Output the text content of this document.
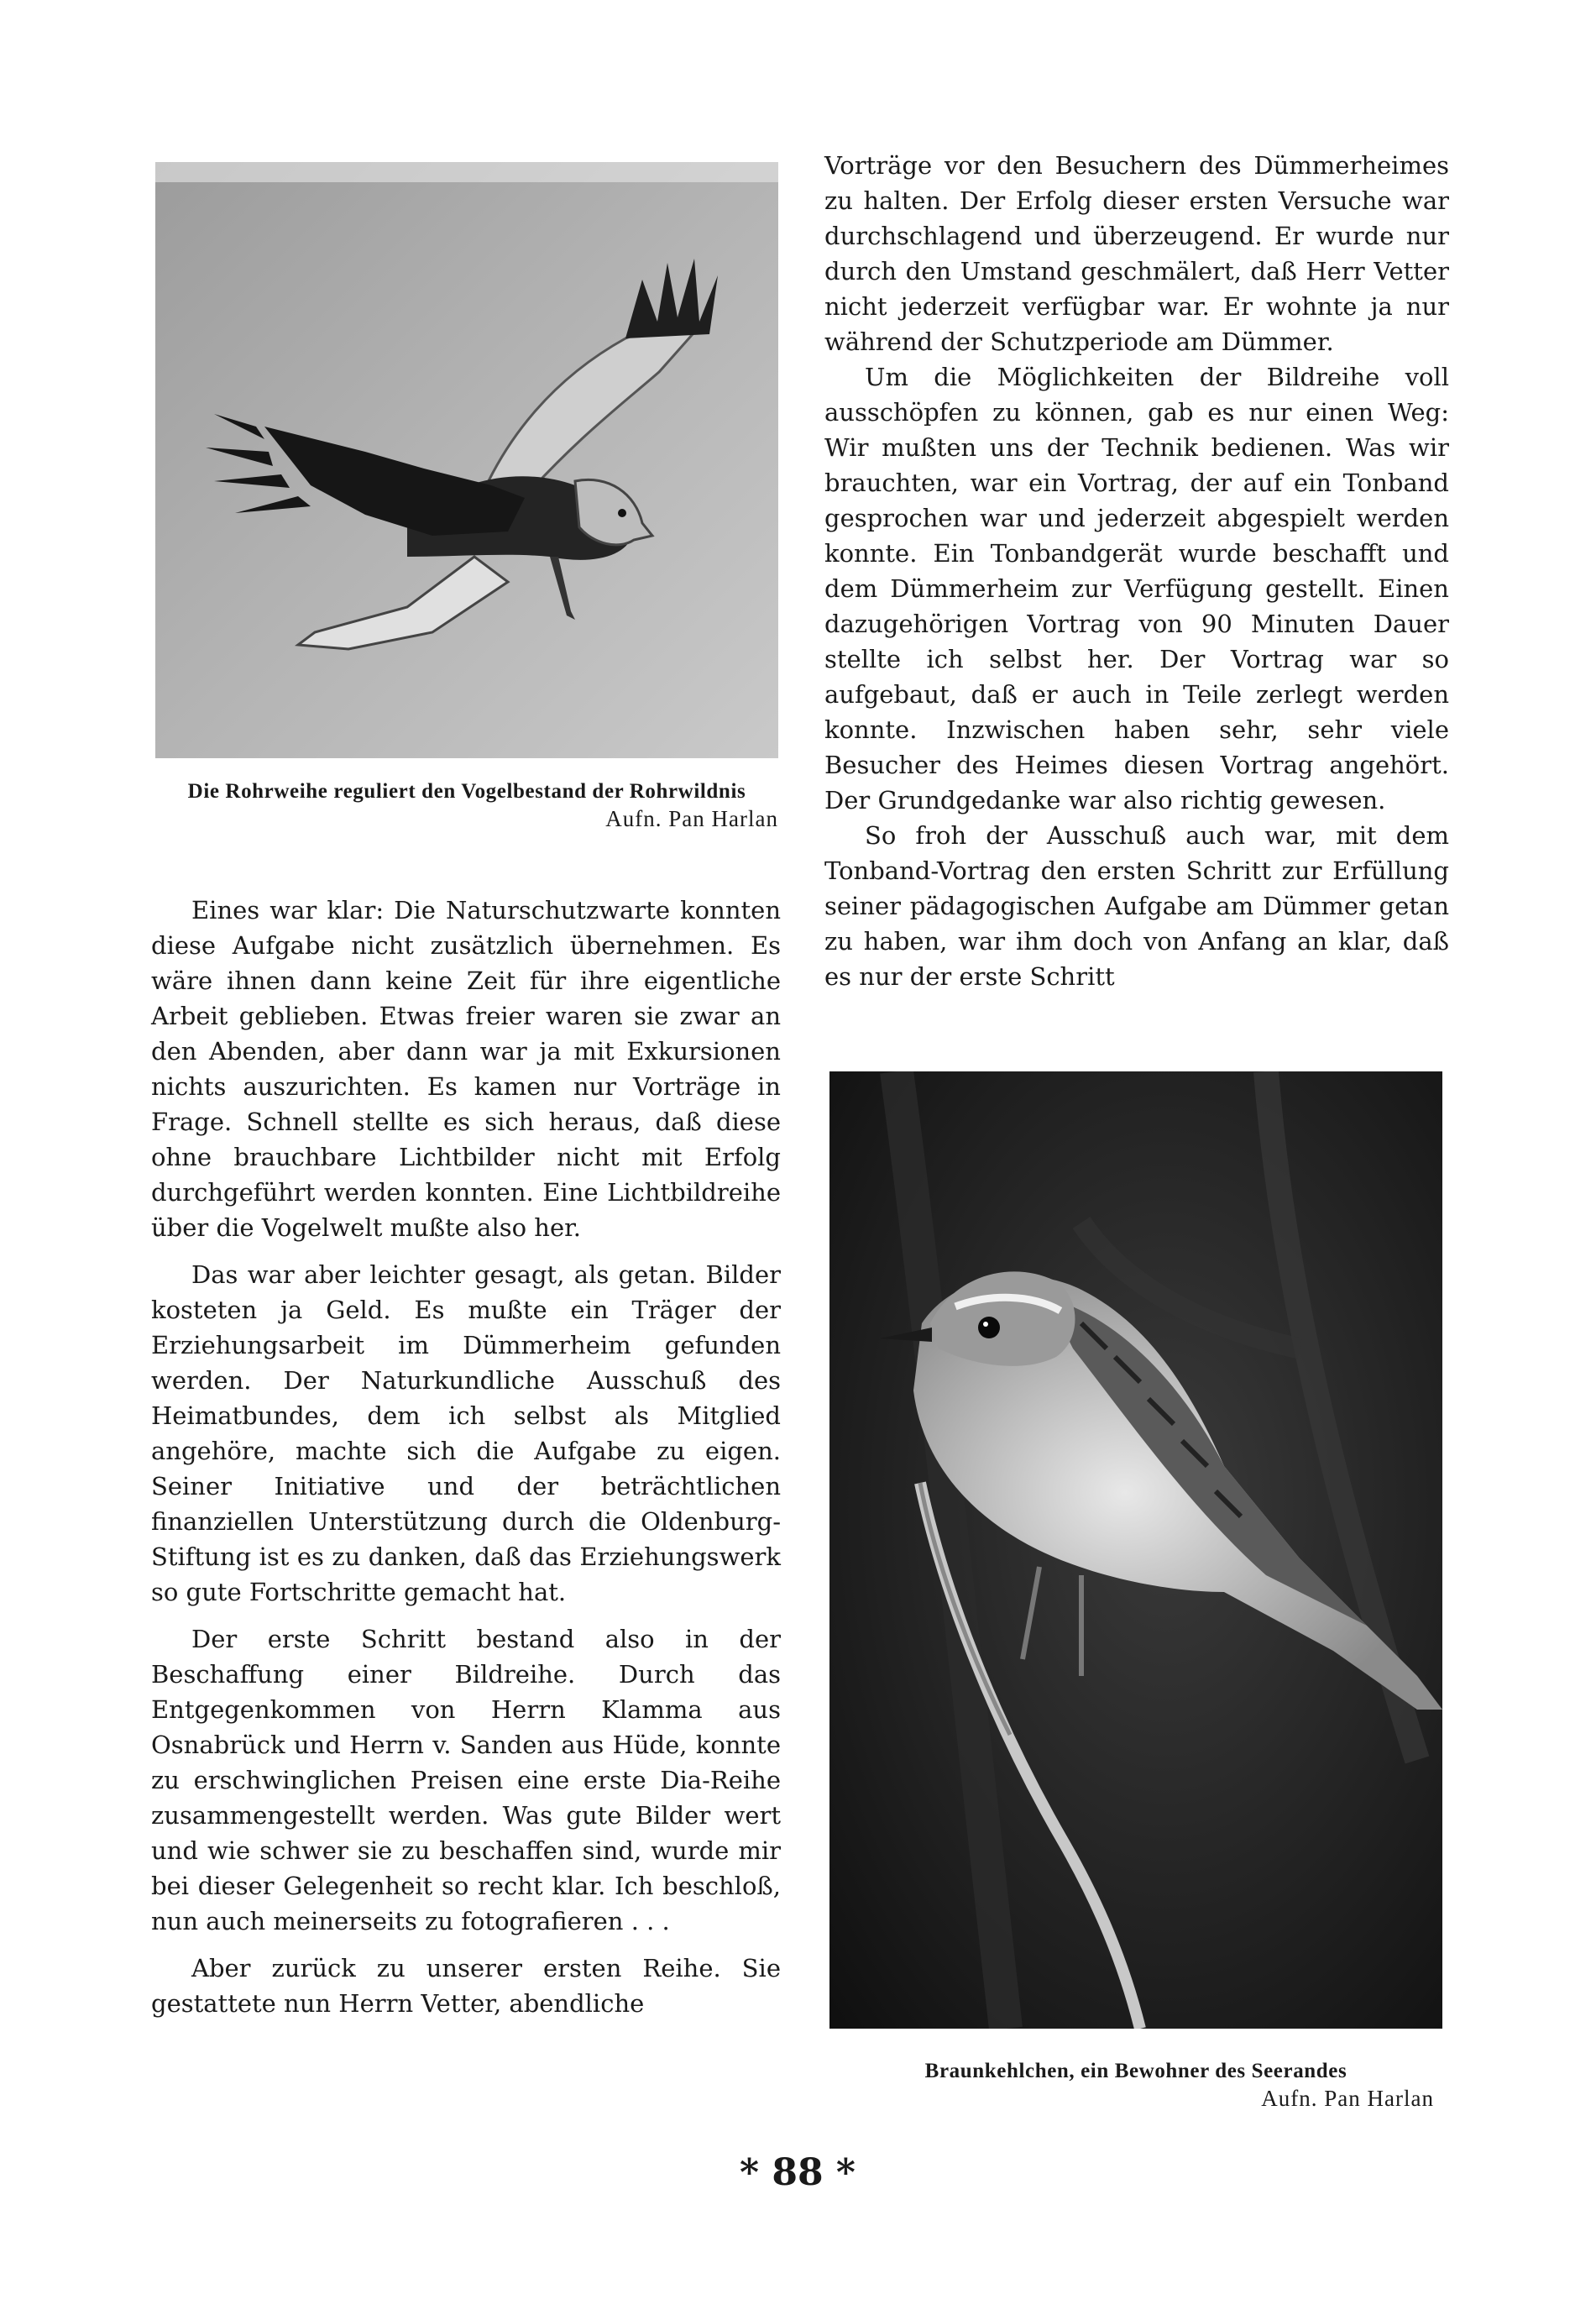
Die Rohrweihe reguliert den Vogelbestand der Rohrwildnis
Aufn. Pan Harlan

Eines war klar: Die Naturschutzwarte konnten diese Aufgabe nicht zusätzlich übernehmen. Es wäre ihnen dann keine Zeit für ihre eigentliche Arbeit geblieben. Etwas freier waren sie zwar an den Abenden, aber dann war ja mit Exkursionen nichts auszurichten. Es kamen nur Vorträge in Frage. Schnell stellte es sich heraus, daß diese ohne brauchbare Lichtbilder nicht mit Erfolg durchgeführt werden konnten. Eine Lichtbildreihe über die Vogelwelt mußte also her.

Das war aber leichter gesagt, als getan. Bilder kosteten ja Geld. Es mußte ein Träger der Erziehungsarbeit im Dümmerheim gefunden werden. Der Naturkundliche Ausschuß des Heimatbundes, dem ich selbst als Mitglied angehöre, machte sich die Aufgabe zu eigen. Seiner Initiative und der beträchtlichen finanziellen Unterstützung durch die Oldenburg-Stiftung ist es zu danken, daß das Erziehungswerk so gute Fortschritte gemacht hat.

Der erste Schritt bestand also in der Beschaffung einer Bildreihe. Durch das Entgegenkommen von Herrn Klamma aus Osnabrück und Herrn v. Sanden aus Hüde, konnte zu erschwinglichen Preisen eine erste Dia-Reihe zusammengestellt werden. Was gute Bilder wert und wie schwer sie zu beschaffen sind, wurde mir bei dieser Gelegenheit so recht klar. Ich beschloß, nun auch meinerseits zu fotografieren . . .

Aber zurück zu unserer ersten Reihe. Sie gestattete nun Herrn Vetter, abendliche

Vorträge vor den Besuchern des Dümmerheimes zu halten. Der Erfolg dieser ersten Versuche war durchschlagend und überzeugend. Er wurde nur durch den Umstand geschmälert, daß Herr Vetter nicht jederzeit verfügbar war. Er wohnte ja nur während der Schutzperiode am Dümmer.

Um die Möglichkeiten der Bildreihe voll ausschöpfen zu können, gab es nur einen Weg: Wir mußten uns der Technik bedienen. Was wir brauchten, war ein Vortrag, der auf ein Tonband gesprochen war und jederzeit abgespielt werden konnte. Ein Tonbandgerät wurde beschafft und dem Dümmerheim zur Verfügung gestellt. Einen dazugehörigen Vortrag von 90 Minuten Dauer stellte ich selbst her. Der Vortrag war so aufgebaut, daß er auch in Teile zerlegt werden konnte. Inzwischen haben sehr, sehr viele Besucher des Heimes diesen Vortrag angehört. Der Grundgedanke war also richtig gewesen.

So froh der Ausschuß auch war, mit dem Tonband-Vortrag den ersten Schritt zur Erfüllung seiner pädagogischen Aufgabe am Dümmer getan zu haben, war ihm doch von Anfang an klar, daß es nur der erste Schritt

Braunkehlchen, ein Bewohner des Seerandes
Aufn. Pan Harlan
* 88 *
